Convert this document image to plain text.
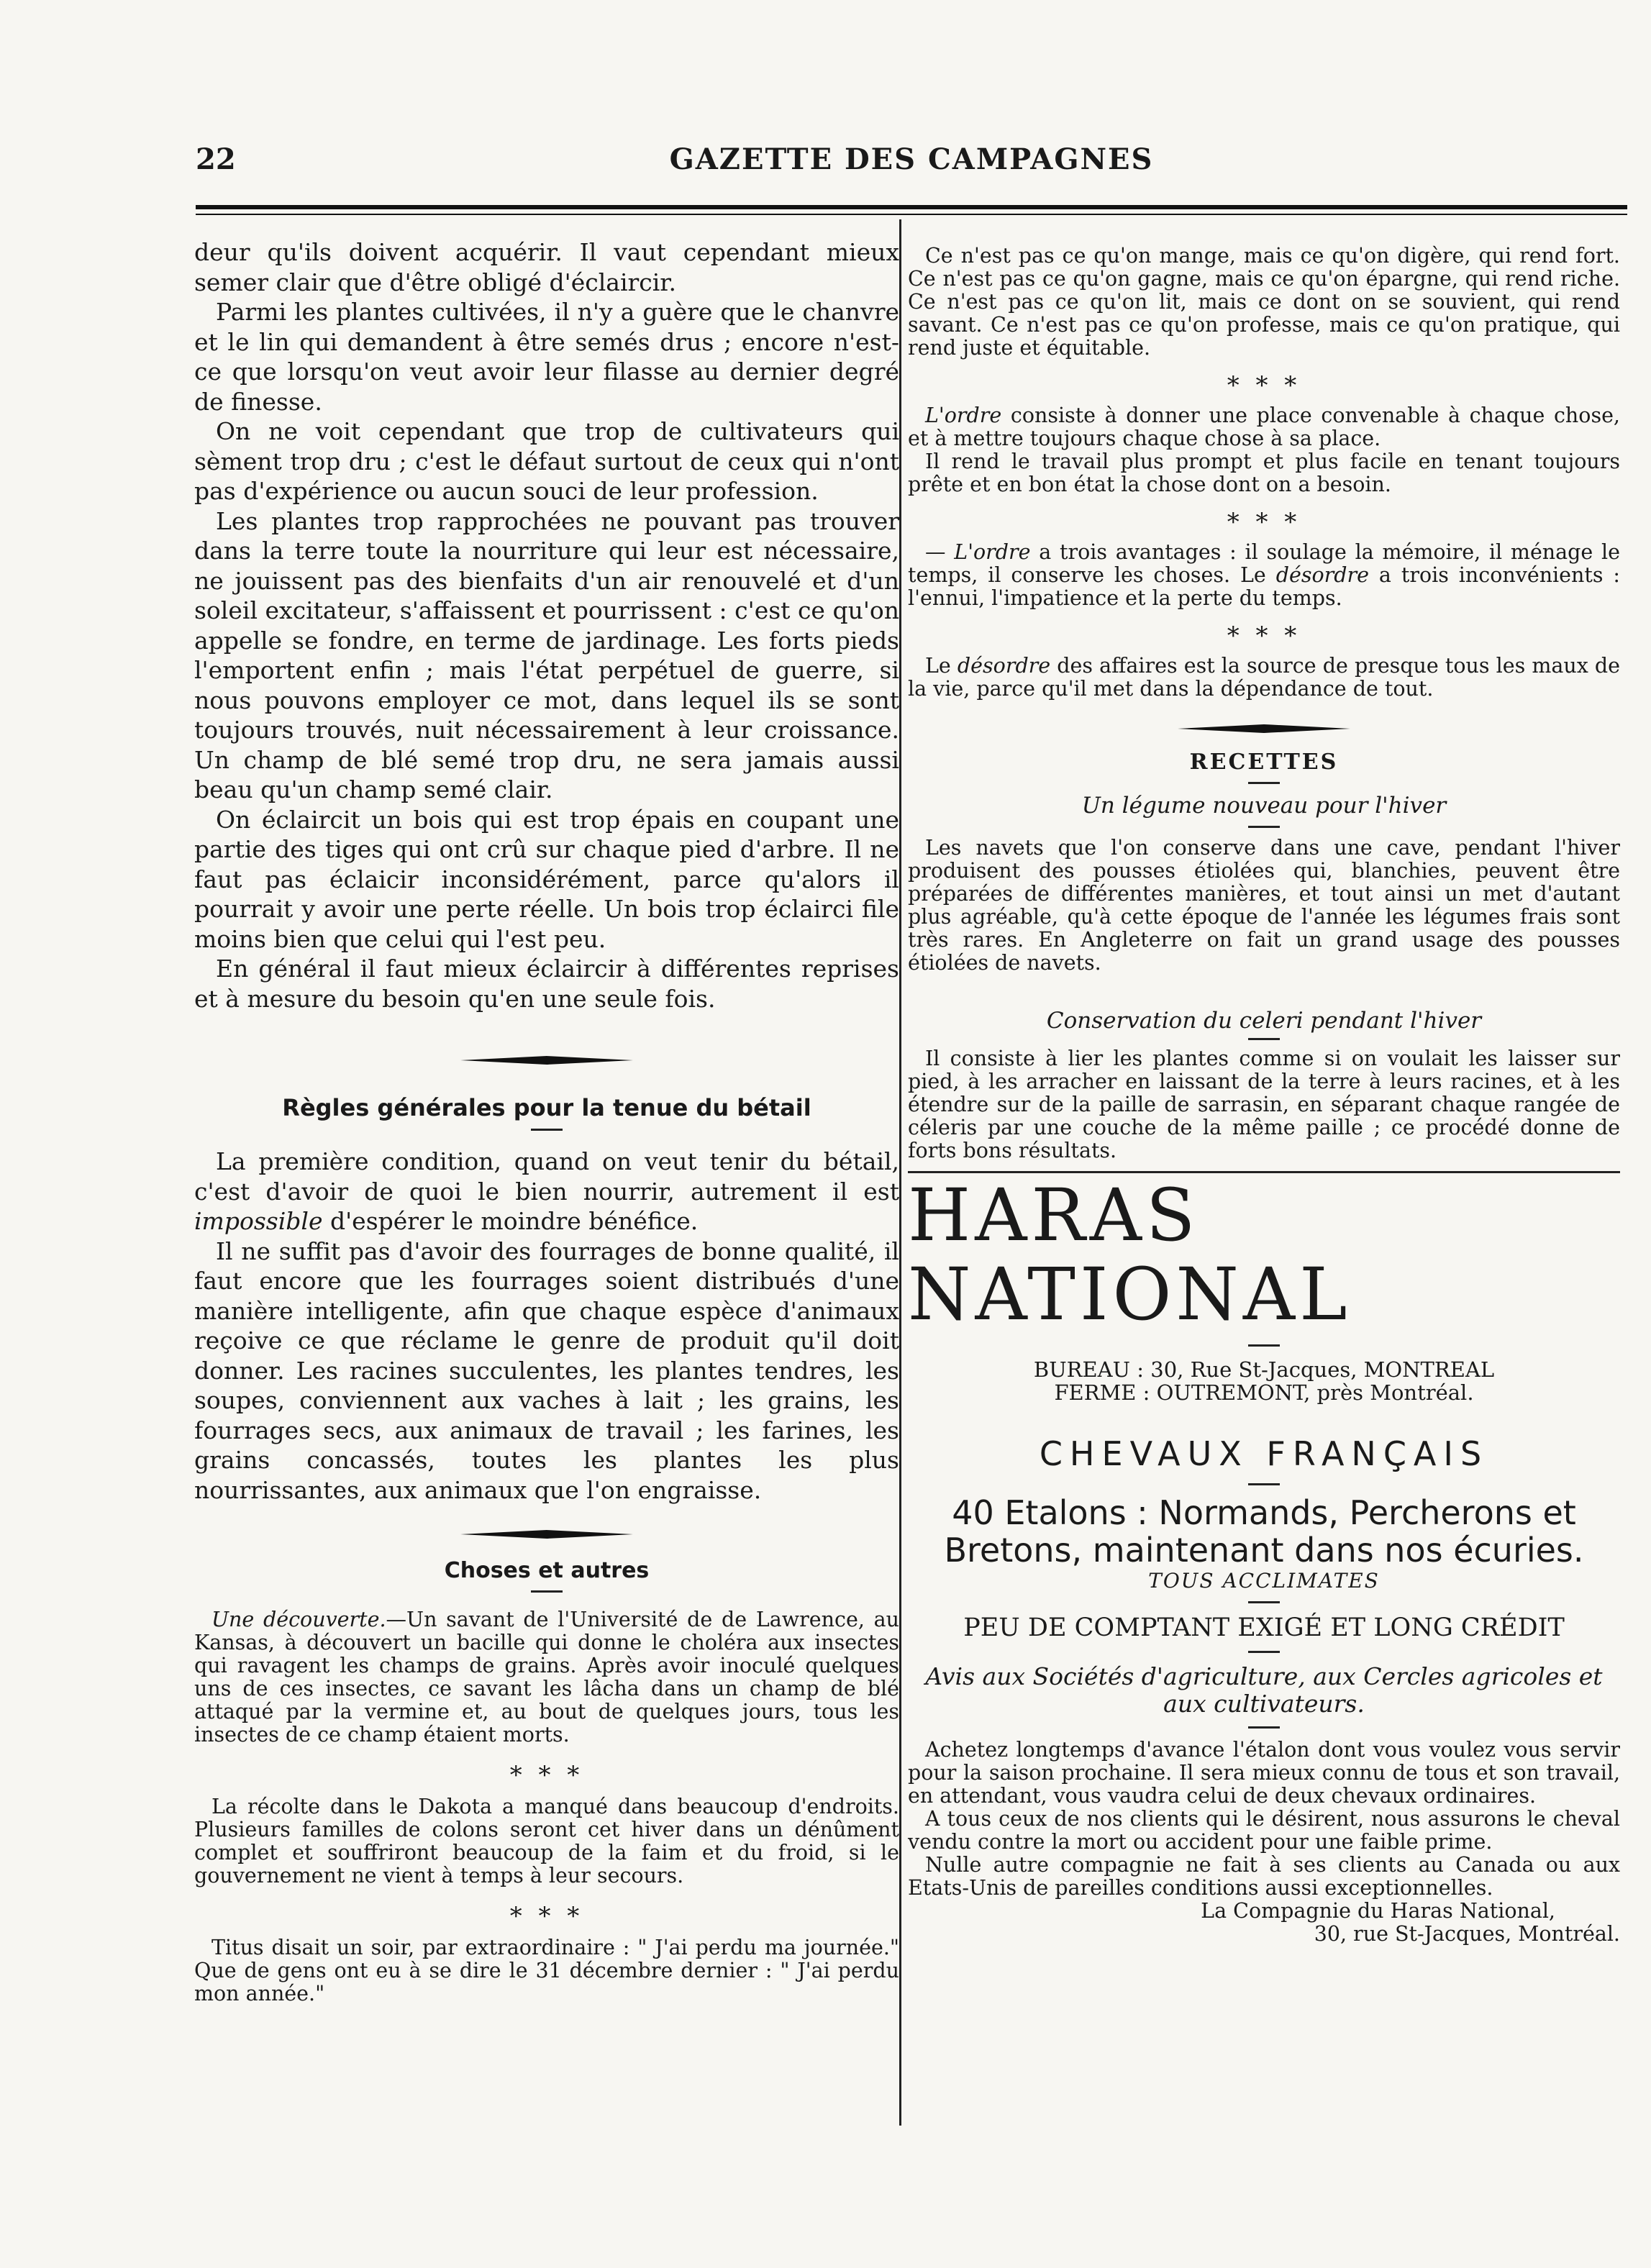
22	GAZETTE DES CAMPAGNES

deur qu'ils doivent acquérir. Il vaut cependant mieux semer clair que d'être obligé d'éclaircir.

Parmi les plantes cultivées, il n'y a guère que le chanvre et le lin qui demandent à être semés drus ; encore n'est-ce que lorsqu'on veut avoir leur filasse au dernier degré de finesse.

On ne voit cependant que trop de cultivateurs qui sèment trop dru ; c'est le défaut surtout de ceux qui n'ont pas d'expérience ou aucun souci de leur profession.

Les plantes trop rapprochées ne pouvant pas trouver dans la terre toute la nourriture qui leur est nécessaire, ne jouissent pas des bienfaits d'un air renouvelé et d'un soleil excitateur, s'affaissent et pourrissent : c'est ce qu'on appelle se fondre, en terme de jardinage. Les forts pieds l'emportent enfin ; mais l'état perpétuel de guerre, si nous pouvons employer ce mot, dans lequel ils se sont toujours trouvés, nuit nécessairement à leur croissance. Un champ de blé semé trop dru, ne sera jamais aussi beau qu'un champ semé clair.

On éclaircit un bois qui est trop épais en coupant une partie des tiges qui ont crû sur chaque pied d'arbre. Il ne faut pas éclaicir inconsidérément, parce qu'alors il pourrait y avoir une perte réelle. Un bois trop éclairci file moins bien que celui qui l'est peu.

En général il faut mieux éclaircir à différentes reprises et à mesure du besoin qu'en une seule fois.

Règles générales pour la tenue du bétail

La première condition, quand on veut tenir du bétail, c'est d'avoir de quoi le bien nourrir, autrement il est impossible d'espérer le moindre bénéfice.

Il ne suffit pas d'avoir des fourrages de bonne qualité, il faut encore que les fourrages soient distribués d'une manière intelligente, afin que chaque espèce d'animaux reçoive ce que réclame le genre de produit qu'il doit donner. Les racines succulentes, les plantes tendres, les soupes, conviennent aux vaches à lait ; les grains, les fourrages secs, aux animaux de travail ; les farines, les grains concassés, toutes les plantes les plus nourrissantes, aux animaux que l'on engraisse.

Choses et autres

Une découverte.—Un savant de l'Université de de Lawrence, au Kansas, à découvert un bacille qui donne le choléra aux insectes qui ravagent les champs de grains. Après avoir inoculé quelques uns de ces insectes, ce savant les lâcha dans un champ de blé attaqué par la vermine et, au bout de quelques jours, tous les insectes de ce champ étaient morts.

* * *

La récolte dans le Dakota a manqué dans beaucoup d'endroits. Plusieurs familles de colons seront cet hiver dans un dénûment complet et souffriront beaucoup de la faim et du froid, si le gouvernement ne vient à temps à leur secours.

* * *

Titus disait un soir, par extraordinaire : " J'ai perdu ma journée." Que de gens ont eu à se dire le 31 décembre dernier : " J'ai perdu mon année."

Ce n'est pas ce qu'on mange, mais ce qu'on digère, qui rend fort. Ce n'est pas ce qu'on gagne, mais ce qu'on épargne, qui rend riche. Ce n'est pas ce qu'on lit, mais ce dont on se souvient, qui rend savant. Ce n'est pas ce qu'on professe, mais ce qu'on pratique, qui rend juste et équitable.

* * *

L'ordre consiste à donner une place convenable à chaque chose, et à mettre toujours chaque chose à sa place.

Il rend le travail plus prompt et plus facile en tenant toujours prête et en bon état la chose dont on a besoin.

* * *

— L'ordre a trois avantages : il soulage la mémoire, il ménage le temps, il conserve les choses. Le désordre a trois inconvénients : l'ennui, l'impatience et la perte du temps.

* * *

Le désordre des affaires est la source de presque tous les maux de la vie, parce qu'il met dans la dépendance de tout.

RECETTES
Un légume nouveau pour l'hiver

Les navets que l'on conserve dans une cave, pendant l'hiver produisent des pousses étiolées qui, blanchies, peuvent être préparées de différentes manières, et tout ainsi un met d'autant plus agréable, qu'à cette époque de l'année les légumes frais sont très rares. En Angleterre on fait un grand usage des pousses étiolées de navets.

Conservation du celeri pendant l'hiver

Il consiste à lier les plantes comme si on voulait les laisser sur pied, à les arracher en laissant de la terre à leurs racines, et à les étendre sur de la paille de sarrasin, en séparant chaque rangée de céleris par une couche de la même paille ; ce procédé donne de forts bons résultats.

HARAS NATIONAL
BUREAU : 30, Rue St-Jacques, MONTREAL
FERME : OUTREMONT, près Montréal.
CHEVAUX FRANÇAIS
40 Etalons : Normands, Percherons et Bretons, maintenant dans nos écuries.
TOUS ACCLIMATES
PEU DE COMPTANT EXIGÉ ET LONG CRÉDIT
Avis aux Sociétés d'agriculture, aux Cercles agricoles et aux cultivateurs.

Achetez longtemps d'avance l'étalon dont vous voulez vous servir pour la saison prochaine. Il sera mieux connu de tous et son travail, en attendant, vous vaudra celui de deux chevaux ordinaires.

A tous ceux de nos clients qui le désirent, nous assurons le cheval vendu contre la mort ou accident pour une faible prime.

Nulle autre compagnie ne fait à ses clients au Canada ou aux Etats-Unis de pareilles conditions aussi exceptionnelles.

La Compagnie du Haras National,

30, rue St-Jacques, Montréal.
